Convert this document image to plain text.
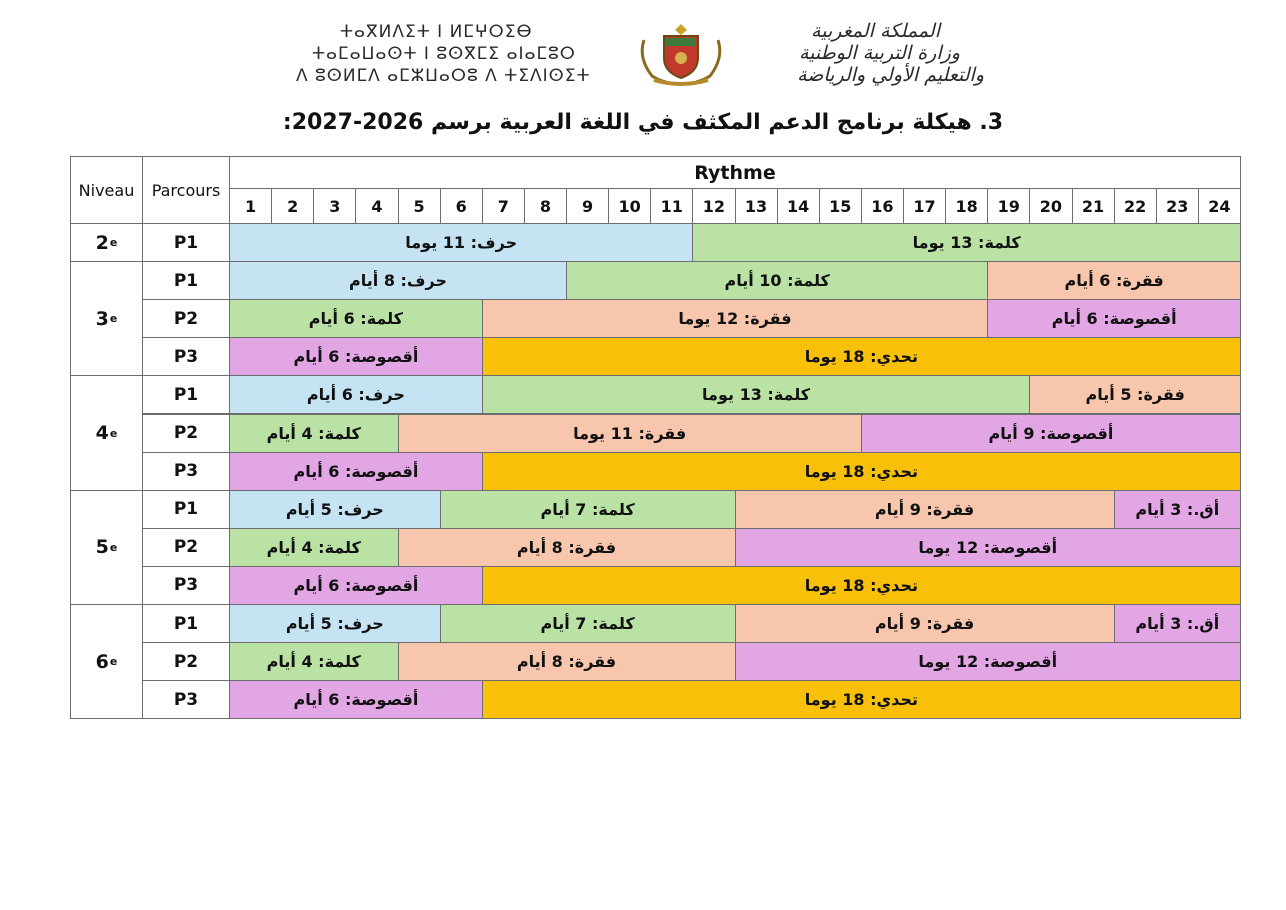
ⵜⴰⴳⵍⴷⵉⵜ ⵏ ⵍⵎⵖⵔⵉⴱ
ⵜⴰⵎⴰⵡⴰⵙⵜ ⵏ ⵓⵙⴳⵎⵉ ⴰⵏⴰⵎⵓⵔ
ⴷ ⵓⵙⵍⵎⴷ ⴰⵎⵣⵡⴰⵔⵓ ⴷ ⵜⵉⴷⵏⵙⵉⵜ
المملكة المغربية
وزارة التربية الوطنية
والتعليم الأولي والرياضة
3. هيكلة برنامج الدعم المكثف في اللغة العربية برسم 2026-2027:
Niveau	Parcours
Rythme
1	2	3	4	5	6	7	8	9	10	11	12	13	14	15	16	17	18	19	20	21	22	23	24
2 e	P1	حرف: 11 يوما	كلمة: 13 يوما
3 e
P1	حرف: 8 أيام	كلمة: 10 أيام	فقرة: 6 أيام
P2	كلمة: 6 أيام	فقرة: 12 يوما	أقصوصة: 6 أيام
P3	أقصوصة: 6 أيام	تحدي: 18 يوما
4 e
P1	حرف: 6 أيام	كلمة: 13 يوما	فقرة: 5 أيام
P2	كلمة: 4 أيام	فقرة: 11 يوما	أقصوصة: 9 أيام
P3	أقصوصة: 6 أيام	تحدي: 18 يوما
5 e
P1	حرف: 5 أيام	كلمة: 7 أيام	فقرة: 9 أيام	أق.: 3 أيام
P2	كلمة: 4 أيام	فقرة: 8 أيام	أقصوصة: 12 يوما
P3	أقصوصة: 6 أيام	تحدي: 18 يوما
6 e
P1	حرف: 5 أيام	كلمة: 7 أيام	فقرة: 9 أيام	أق.: 3 أيام
P2	كلمة: 4 أيام	فقرة: 8 أيام	أقصوصة: 12 يوما
P3	أقصوصة: 6 أيام	تحدي: 18 يوما
